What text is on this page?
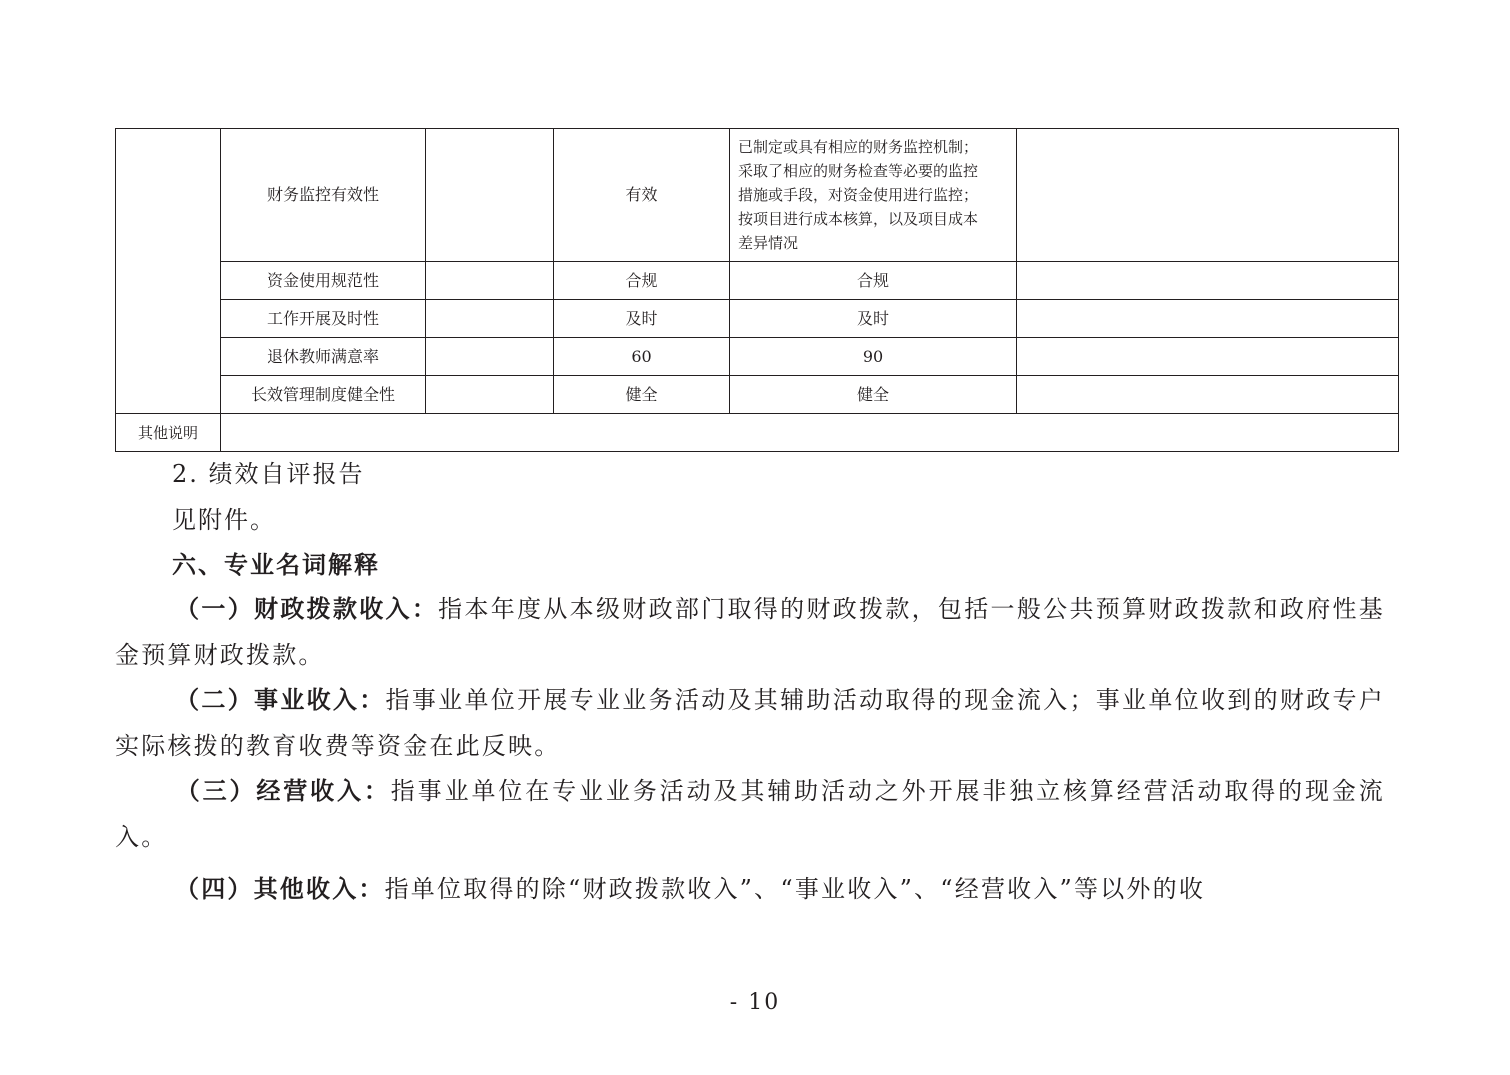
	财务监控有效性		有效	已制定或具有相应的财务监控机制；
采取了相应的财务检查等必要的监控
措施或手段，对资金使用进行监控；
按项目进行成本核算，以及项目成本
差异情况	

	资金使用规范性		合规	合规	
	工作开展及时性		及时	及时	
	退休教师满意率		60	90	
	长效管理制度健全性		健全	健全	
其他说明					
2. 绩效自评报告
见附件。
六、专业名词解释
（一）财政拨款收入：指本年度从本级财政部门取得的财政拨款，包括一般公共预算财政拨款和政府性基金预算财政拨款。
（二）事业收入：指事业单位开展专业业务活动及其辅助活动取得的现金流入；事业单位收到的财政专户实际核拨的教育收费等资金在此反映。
（三）经营收入：指事业单位在专业业务活动及其辅助活动之外开展非独立核算经营活动取得的现金流入。
（四）其他收入：指单位取得的除“财政拨款收入”、“事业收入”、“经营收入”等以外的收
- 10
